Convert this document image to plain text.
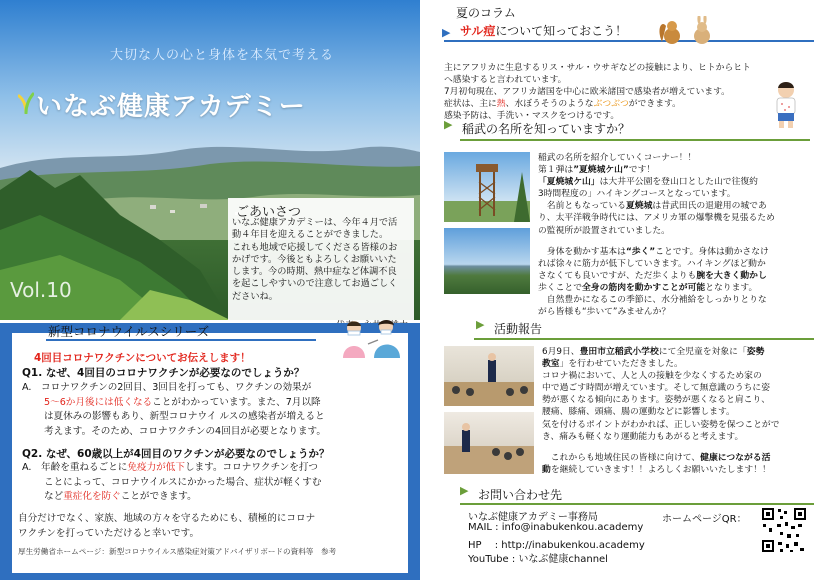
大切な人の心と身体を本気で考える
いなぶ健康アカデミー
Vol.10
ごあいさつ
いなぶ健康アカデミーは、今年４月で活
動４年目を迎えることができました。
これも地域で応援してくださる皆様のお
かげです。今後ともよろしくお願いいた
します。今の時期、熱中症など体調不良
を起こしやすいので注意してお過ごしく
ださいね。
新型コロナウイルスシリーズ
4回目コロナワクチンについてお伝えします！
Q1. なぜ、4回目のコロナワクチンが必要なのでしょうか？
A.　コロナワクチンの2回目、3回目を打っても、ワクチンの効果が
5～6か月後には低くなることがわかっています。また、7月以降
は夏休みの影響もあり、新型コロナウイ ルスの感染者が増えると
考えます。そのため、コロナワクチンの4回目が必要となります。
Q2. なぜ、60歳以上が4回目のワクチンが必要なのでしょうか？
A.　年齢を重ねるごとに免疫力が低下します。コロナワクチンを打つ
ことによって、コロナウイルスにかかった場合、症状が軽くすむ
など重症化を防ぐことができます。
自分だけでなく、家族、地域の方々を守るためにも、積極的にコロナ
ワクチンを打っていただけると幸いです。
厚生労働省ホームページ：新型コロナウイルス感染症対策アドバイザリボードの資料等　参考
夏のコラム
サル痘について知っておこう！
▶
主にアフリカに生息するリス・サル・ウサギなどの接触により、ヒトからヒト
へ感染すると言われています。
7月初旬現在、アフリカ諸国を中心に欧米諸国で感染者が増えています。
症状は、主に熱、水ぼうそうのようなぶつぶつができます。
感染予防は、手洗い・マスクをつけるです。
▶ 稲武の名所を知っていますか？
稲武の名所を紹介していくコーナー！！
第１弾は”夏焼城ケ山”です！
「夏焼城ケ山」は大井平公園を登山口とした山で往復約
3時間程度の」ハイキングコースとなっています。
　名前ともなっている夏焼城は昔武田氏の退避用の城であ
り、太平洋戦争時代には、アメリカ軍の爆撃機を見張るため
の監視所が設置されていました。
　身体を動かす基本は“歩く”ことです。身体は動かさなけ
れば徐々に筋力が低下していきます。ハイキングほど動か
さなくても良いですが、ただ歩くよりも腕を大きく動かし
歩くことで全身の筋肉を動かすことが可能となります。
　自然豊かになるこの季節に、水分補給をしっかりとりな
がら皆様も“歩いて”みませんか？
▶ 活動報告
6月9日、豊田市立稲武小学校にて全児童を対象に「姿勢
教室」を行わせていただきました。
コロナ禍において、人と人の接触を少なくするため家の
中で過ごす時間が増えています。そして無意識のうちに姿
勢が悪くなる傾向にあります。姿勢が悪くなると肩こり、
腰痛、膝痛、頭痛、腸の運動などに影響します。
気を付けるポイントがわかれば、正しい姿勢を保つことがで
き、痛みも軽くなり運動能力もあがると考えます。
　これからも地域住民の皆様に向けて、健康につながる活
動を継続していきます！！よろしくお願いいたします！！
▶ お問い合わせ先
いなぶ健康アカデミー事務局
MAIL : info@inabukenkou.academy
HP　 : http://inabukenkou.academy
YouTube : いなぶ健康channel
ホームページQR：
